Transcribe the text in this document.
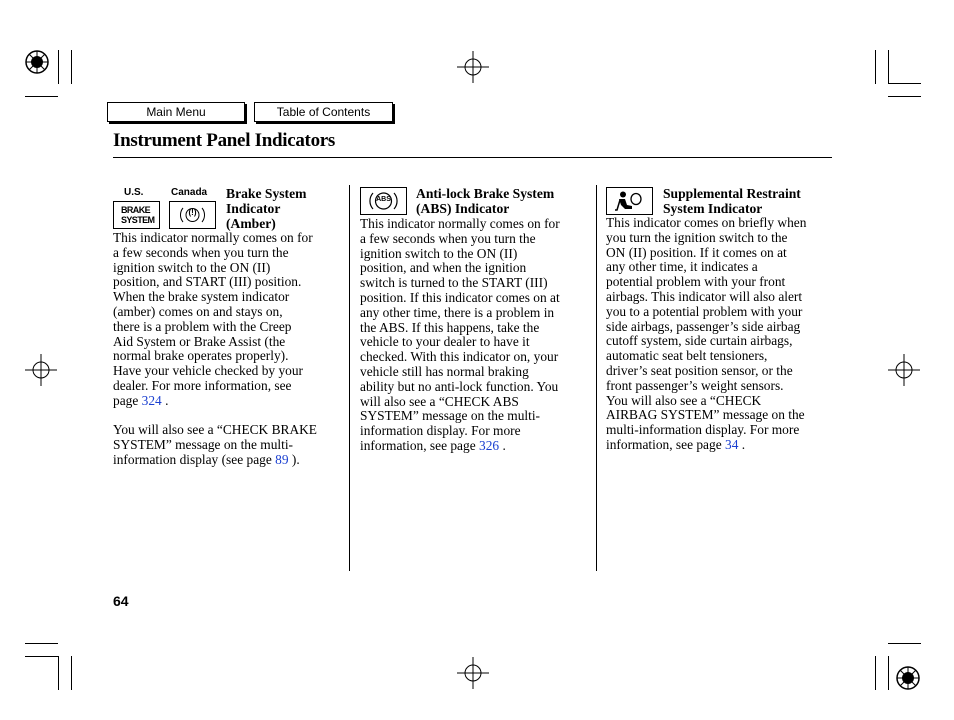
Main Menu	Table of Contents
Instrument Panel Indicators
U.S.	Canada
BRAKE
SYSTEM
(!)
Brake System
Indicator
(Amber)
This indicator normally comes on for
a few seconds when you turn the
ignition switch to the ON (II)
position, and START (III) position.
When the brake system indicator
(amber) comes on and stays on,
there is a problem with the Creep
Aid System or Brake Assist (the
normal brake operates properly).
Have your vehicle checked by your
dealer. For more information, see
page 324 .
You will also see a “CHECK BRAKE
SYSTEM” message on the multi-
information display (see page 89 ).
ABS	Anti-lock Brake System
(ABS) Indicator
This indicator normally comes on for
a few seconds when you turn the
ignition switch to the ON (II)
position, and when the ignition
switch is turned to the START (III)
position. If this indicator comes on at
any other time, there is a problem in
the ABS. If this happens, take the
vehicle to your dealer to have it
checked. With this indicator on, your
vehicle still has normal braking
ability but no anti-lock function. You
will also see a “CHECK ABS
SYSTEM” message on the multi-
information display. For more
information, see page 326 .
Supplemental Restraint
System Indicator
This indicator comes on briefly when
you turn the ignition switch to the
ON (II) position. If it comes on at
any other time, it indicates a
potential problem with your front
airbags. This indicator will also alert
you to a potential problem with your
side airbags, passenger’s side airbag
cutoff system, side curtain airbags,
automatic seat belt tensioners,
driver’s seat position sensor, or the
front passenger’s weight sensors.
You will also see a “CHECK
AIRBAG SYSTEM” message on the
multi-information display. For more
information, see page 34 .
64
